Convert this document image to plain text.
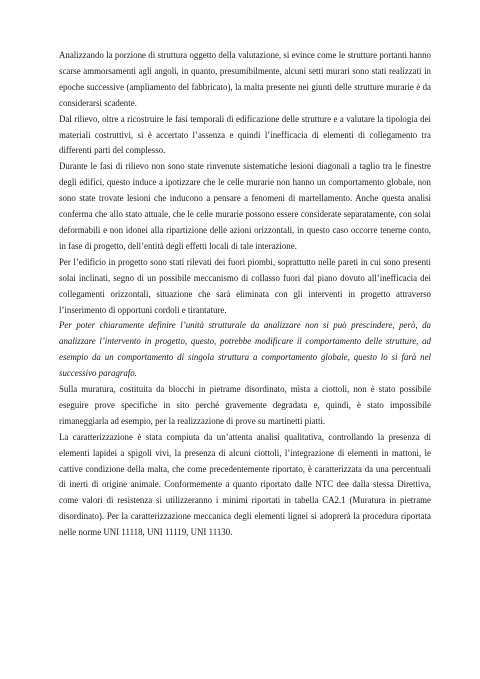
Analizzando la porzione di struttura oggetto della valutazione, si evince come le strutture portanti hanno scarse ammorsamenti agli angoli, in quanto, presumibilmente, alcuni setti murari sono stati realizzati in epoche successive (ampliamento del fabbricato), la malta presente nei giunti delle strutture murarie è da considerarsi scadente.

Dal rilievo, oltre a ricostruire le fasi temporali di edificazione delle strutture e a valutare la tipologia dei materiali costruttivi, si è accertato l’assenza e quindi l’inefficacia di elementi di collegamento tra differenti parti del complesso.

Durante le fasi di rilievo non sono state rinvenute sistematiche lesioni diagonali a taglio tra le finestre degli edifici, questo induce a ipotizzare che le celle murarie non hanno un comportamento globale, non sono state trovate lesioni che inducono a pensare a fenomeni di martellamento. Anche questa analisi conferma che allo stato attuale, che le celle murarie possono essere considerate separatamente, con solai deformabili e non idonei alla ripartizione delle azioni orizzontali, in questo caso occorre tenerne conto, in fase di progetto, dell’entità degli effetti locali di tale interazione.

Per l’edificio in progetto sono stati rilevati dei fuori piombi, soprattutto nelle pareti in cui sono presenti solai inclinati, segno di un possibile meccanismo di collasso fuori dal piano dovuto all’inefficacia dei collegamenti orizzontali, situazione che sarà eliminata con gli interventi in progetto attraverso l’inserimento di opportuni cordoli e tirantature.

Per poter chiaramente definire l’unità strutturale da analizzare non si può prescindere, però, da analizzare l’intervento in progetto, questo, potrebbe modificare il comportamento delle strutture, ad esempio da un comportamento di singola struttura a comportamento globale, questo lo si farà nel successivo paragrafo.

Sulla muratura, costituita da blocchi in pietrame disordinato, mista a ciottoli, non è stato possibile eseguire prove specifiche in sito perché gravemente degradata e, quindi, è stato impossibile rimaneggiarla ad esempio, per la realizzazione di prove su martinetti piatti.

La caratterizzazione è stata compiuta da un’attenta analisi qualitativa, controllando la presenza di elementi lapidei a spigoli vivi, la presenza di alcuni ciottoli, l’integrazione di elementi in mattoni, le cattive condizione della malta, che come precedentemente riportato, è caratterizzata da una percentuali di inerti di origine animale. Conformemente a quanto riportato dalle NTC dee dalla stessa Direttiva, come valori di resistenza si utilizzeranno i minimi riportati in tabella CA2.1 (Muratura in pietrame disordinato). Per la caratterizzazione meccanica degli elementi lignei si adoprerà la procedura riportata nelle norme UNI 11118, UNI 11119, UNI 11130.
